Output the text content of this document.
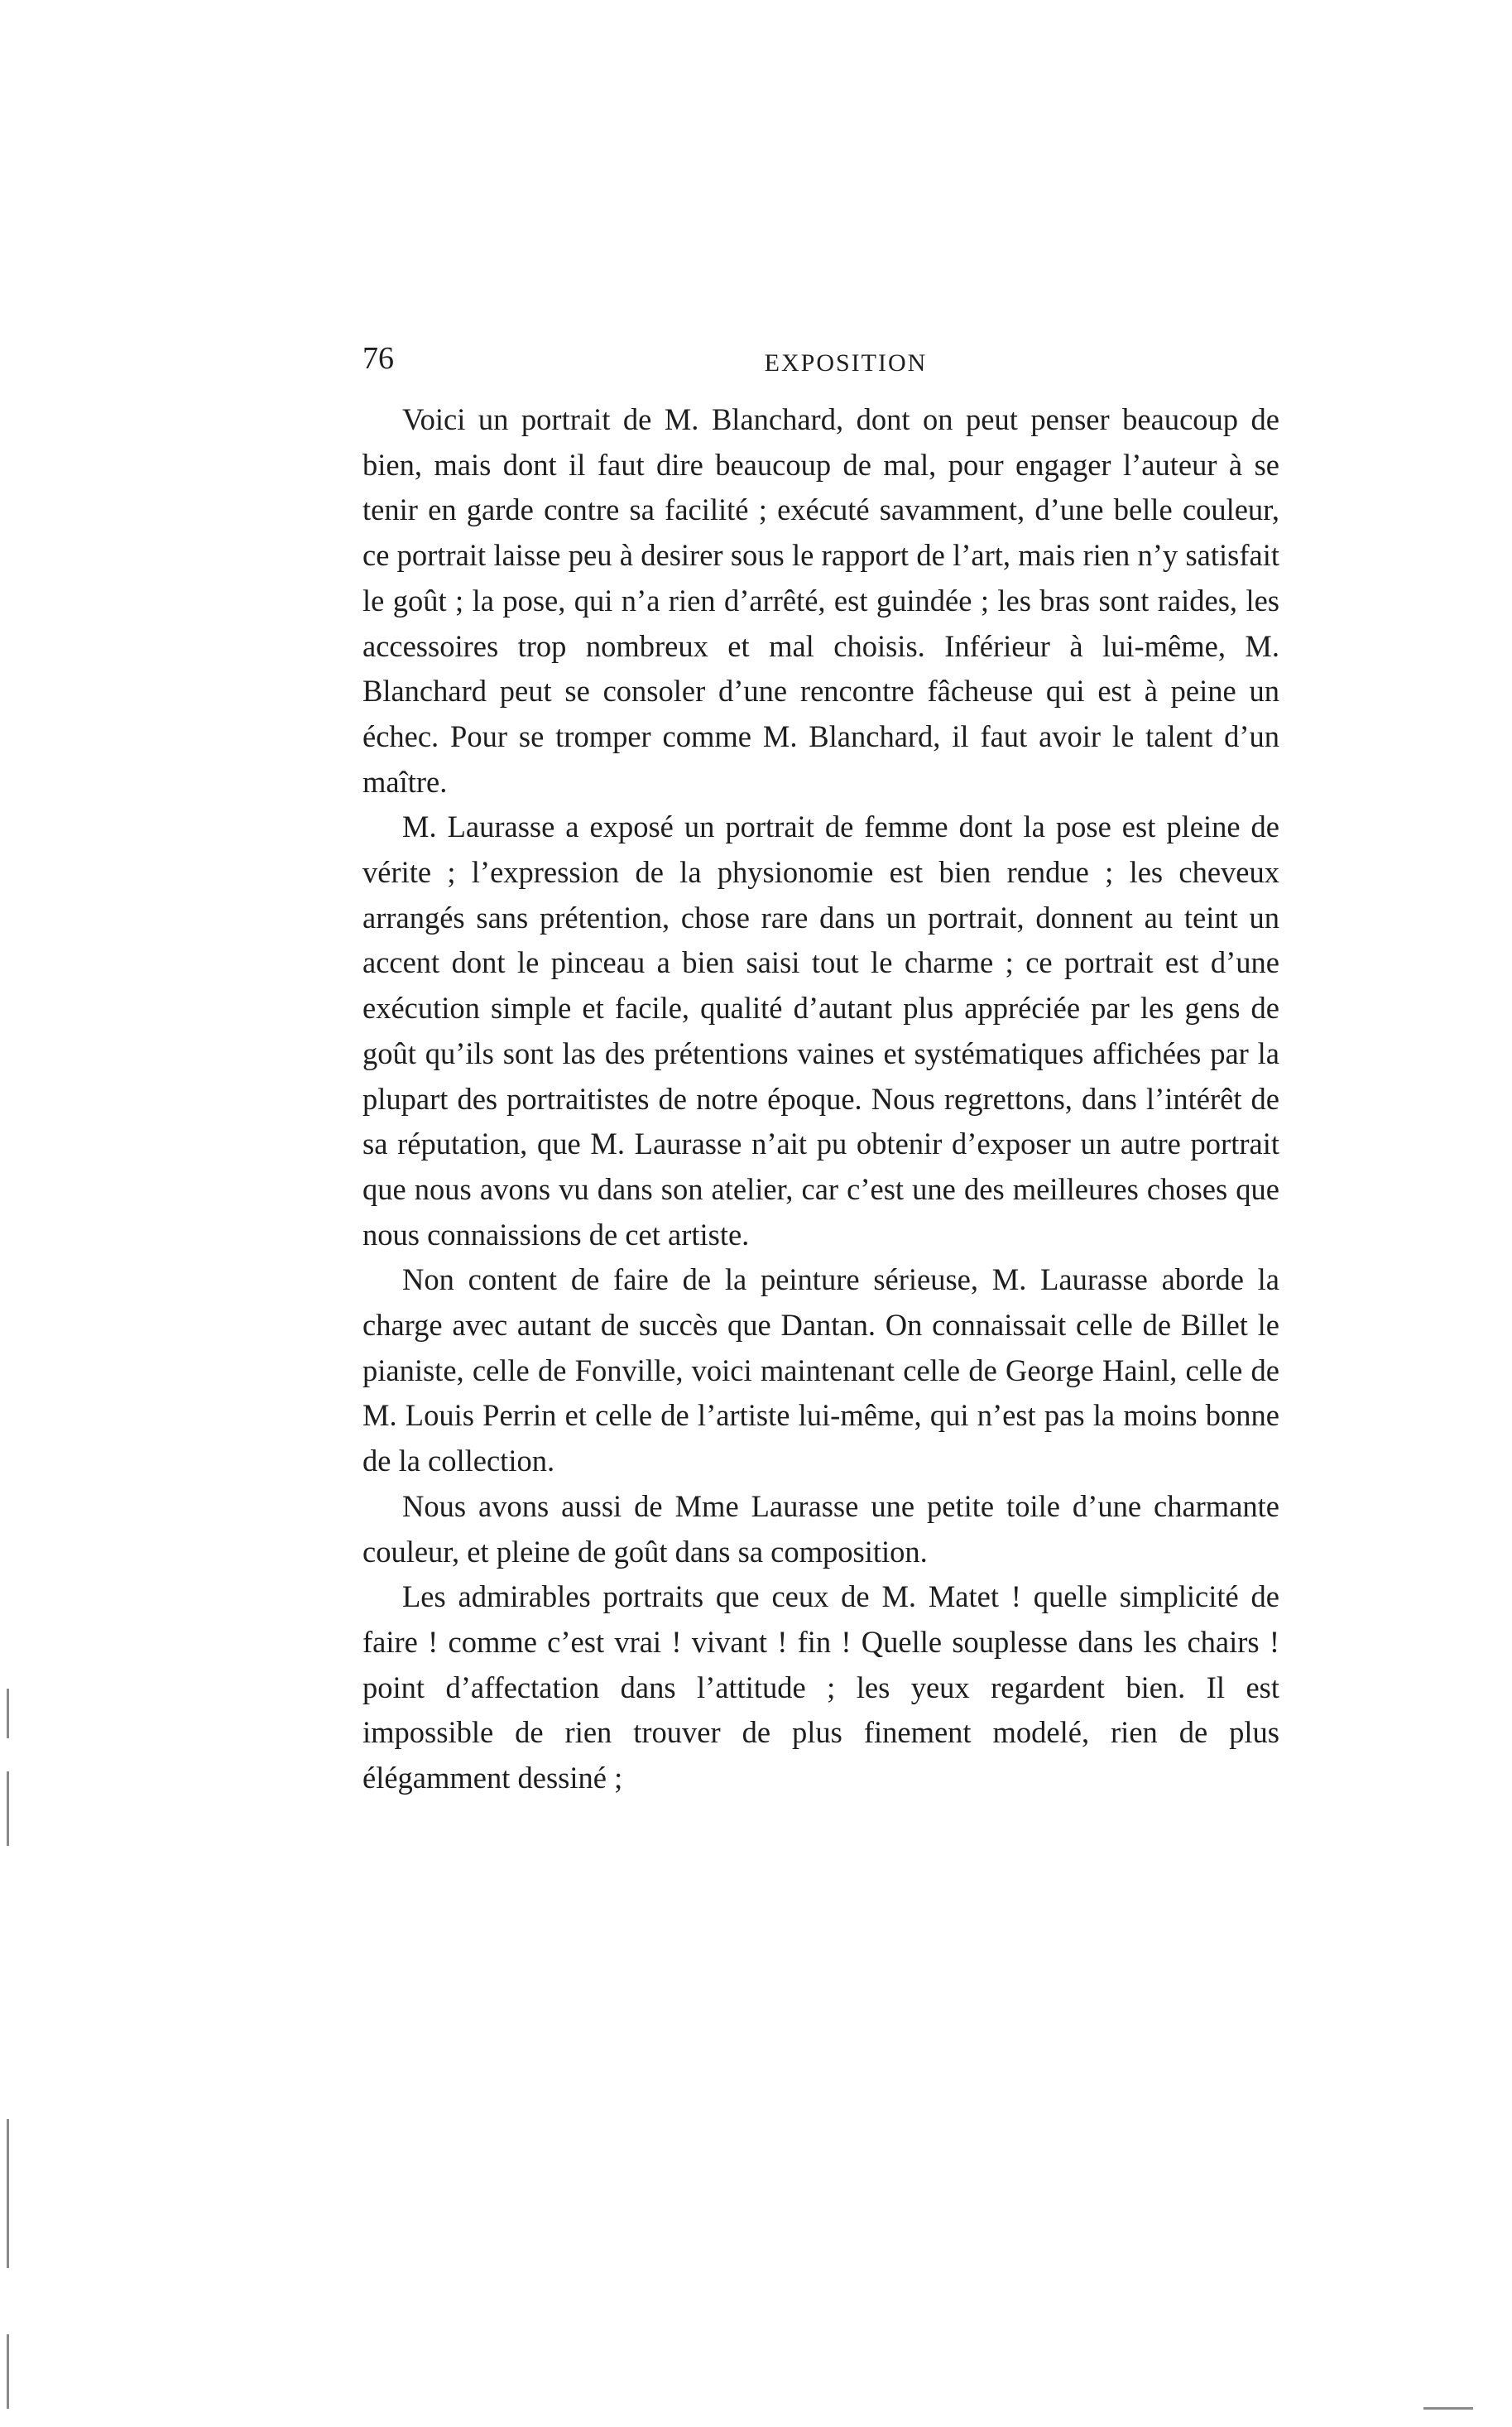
76	EXPOSITION

Voici un portrait de M. Blanchard, dont on peut penser beaucoup de bien, mais dont il faut dire beaucoup de mal, pour engager l’auteur à se tenir en garde contre sa facilité ; exécuté savamment, d’une belle couleur, ce portrait laisse peu à desirer sous le rapport de l’art, mais rien n’y satisfait le goût ; la pose, qui n’a rien d’arrêté, est guindée ; les bras sont raides, les accessoires trop nombreux et mal choisis. Inférieur à lui-même, M. Blanchard peut se consoler d’une rencontre fâcheuse qui est à peine un échec. Pour se tromper comme M. Blanchard, il faut avoir le talent d’un maître.

M. Laurasse a exposé un portrait de femme dont la pose est pleine de vérite ; l’expression de la physionomie est bien rendue ; les cheveux arrangés sans prétention, chose rare dans un portrait, donnent au teint un accent dont le pinceau a bien saisi tout le charme ; ce portrait est d’une exécution simple et facile, qualité d’autant plus appréciée par les gens de goût qu’ils sont las des prétentions vaines et systématiques affichées par la plupart des portraitistes de notre époque. Nous regrettons, dans l’intérêt de sa réputation, que M. Laurasse n’ait pu obtenir d’exposer un autre portrait que nous avons vu dans son atelier, car c’est une des meilleures choses que nous connaissions de cet artiste.

Non content de faire de la peinture sérieuse, M. Laurasse aborde la charge avec autant de succès que Dantan. On connaissait celle de Billet le pianiste, celle de Fonville, voici maintenant celle de George Hainl, celle de M. Louis Perrin et celle de l’artiste lui-même, qui n’est pas la moins bonne de la collection.

Nous avons aussi de Mme Laurasse une petite toile d’une charmante couleur, et pleine de goût dans sa composition.

Les admirables portraits que ceux de M. Matet ! quelle simplicité de faire ! comme c’est vrai ! vivant ! fin ! Quelle souplesse dans les chairs ! point d’affectation dans l’attitude ; les yeux regardent bien. Il est impossible de rien trouver de plus finement modelé, rien de plus élégamment dessiné ;
